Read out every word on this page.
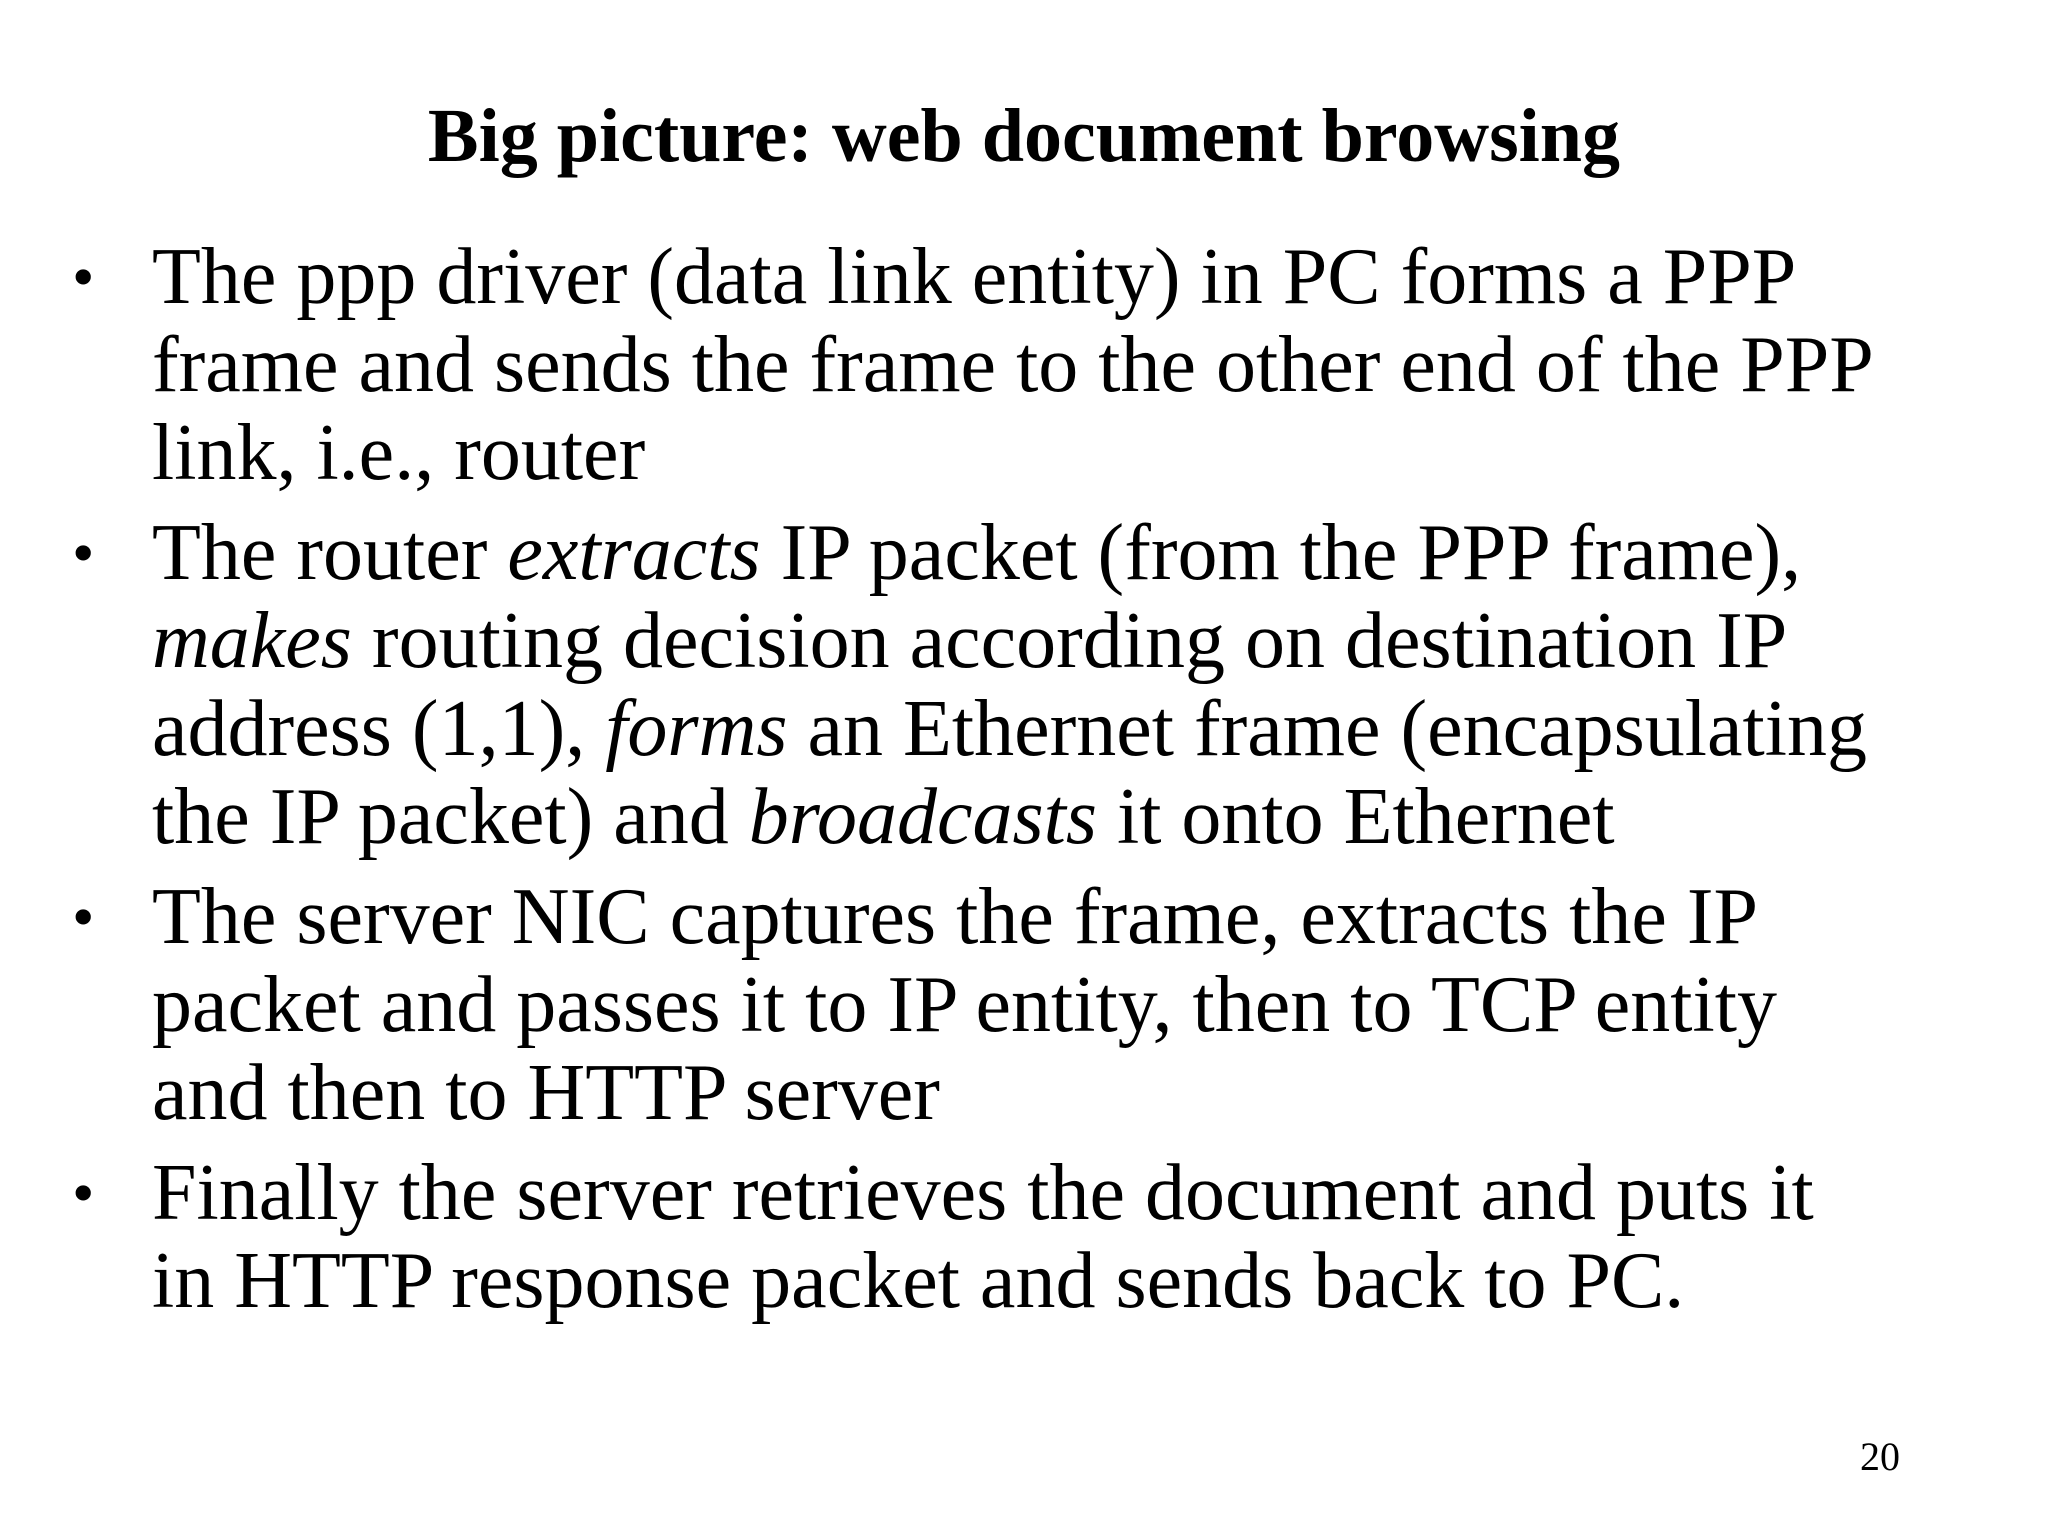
Big picture: web document browsing
• The ppp driver (data link entity) in PC forms a PPP
frame and sends the frame to the other end of the PPP
link, i.e., router
• The router extracts IP packet (from the PPP frame),
makes routing decision according on destination IP
address (1,1), forms an Ethernet frame (encapsulating
the IP packet) and broadcasts it onto Ethernet
• The server NIC captures the frame, extracts the IP
packet and passes it to IP entity, then to TCP entity
and then to HTTP server
• Finally the server retrieves the document and puts it
in HTTP response packet and sends back to PC.
20
